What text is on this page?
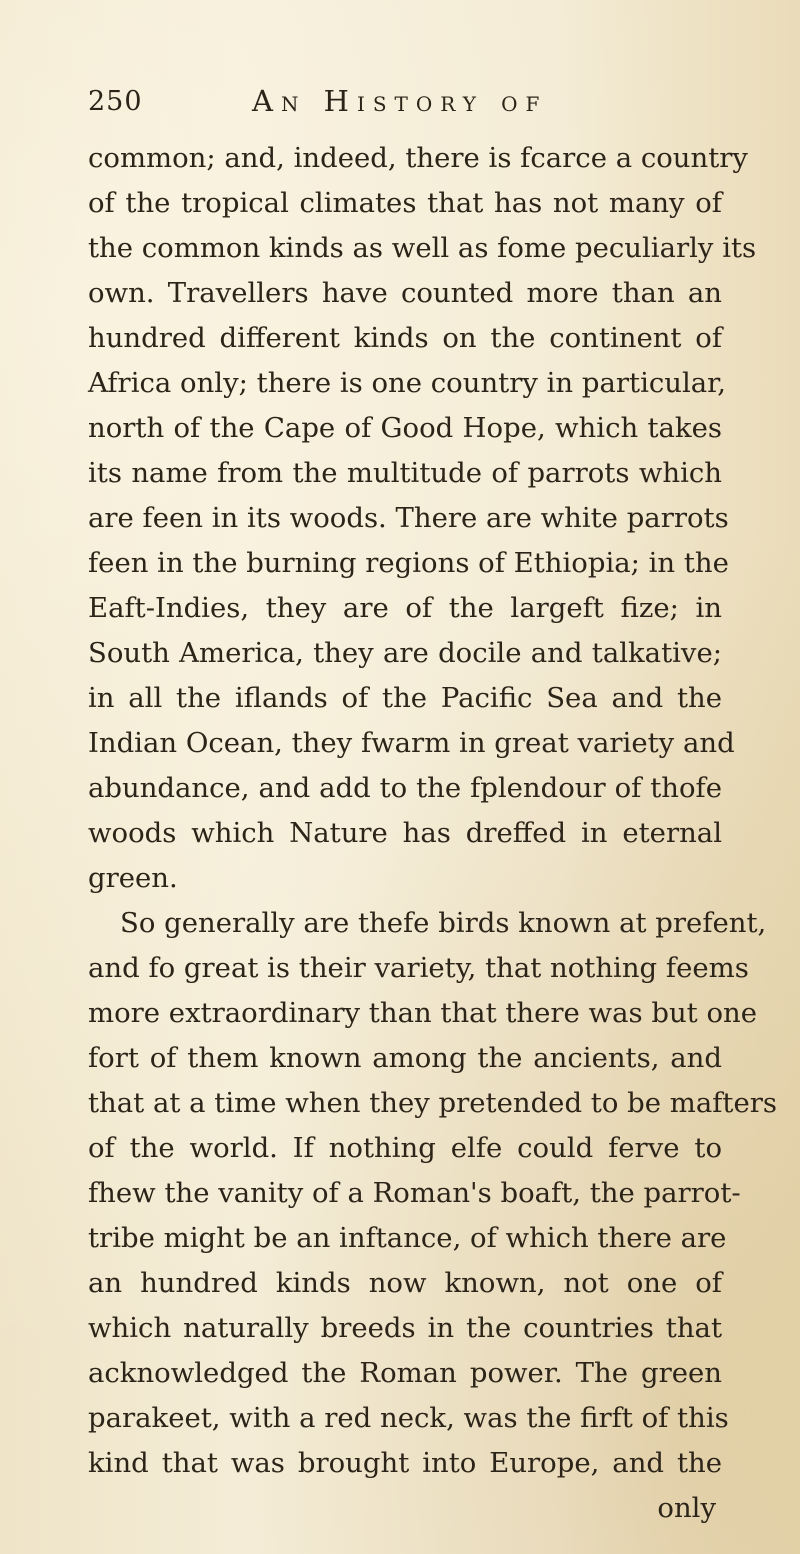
250	An History of
common; and, indeed, there is fcarce a country
of the tropical climates that has not many of
the common kinds as well as fome peculiarly its
own. Travellers have counted more than an
hundred different kinds on the continent of
Africa only; there is one country in particular,
north of the Cape of Good Hope, which takes
its name from the multitude of parrots which
are feen in its woods. There are white parrots
feen in the burning regions of Ethiopia; in the
Eaft-Indies, they are of the largeft fize; in
South America, they are docile and talkative;
in all the iflands of the Pacific Sea and the
Indian Ocean, they fwarm in great variety and
abundance, and add to the fplendour of thofe
woods which Nature has dreffed in eternal
green.
So generally are thefe birds known at prefent,
and fo great is their variety, that nothing feems
more extraordinary than that there was but one
fort of them known among the ancients, and
that at a time when they pretended to be mafters
of the world. If nothing elfe could ferve to
fhew the vanity of a Roman's boaft, the parrot-
tribe might be an inftance, of which there are
an hundred kinds now known, not one of
which naturally breeds in the countries that
acknowledged the Roman power. The green
parakeet, with a red neck, was the firft of this
kind that was brought into Europe, and the
only
